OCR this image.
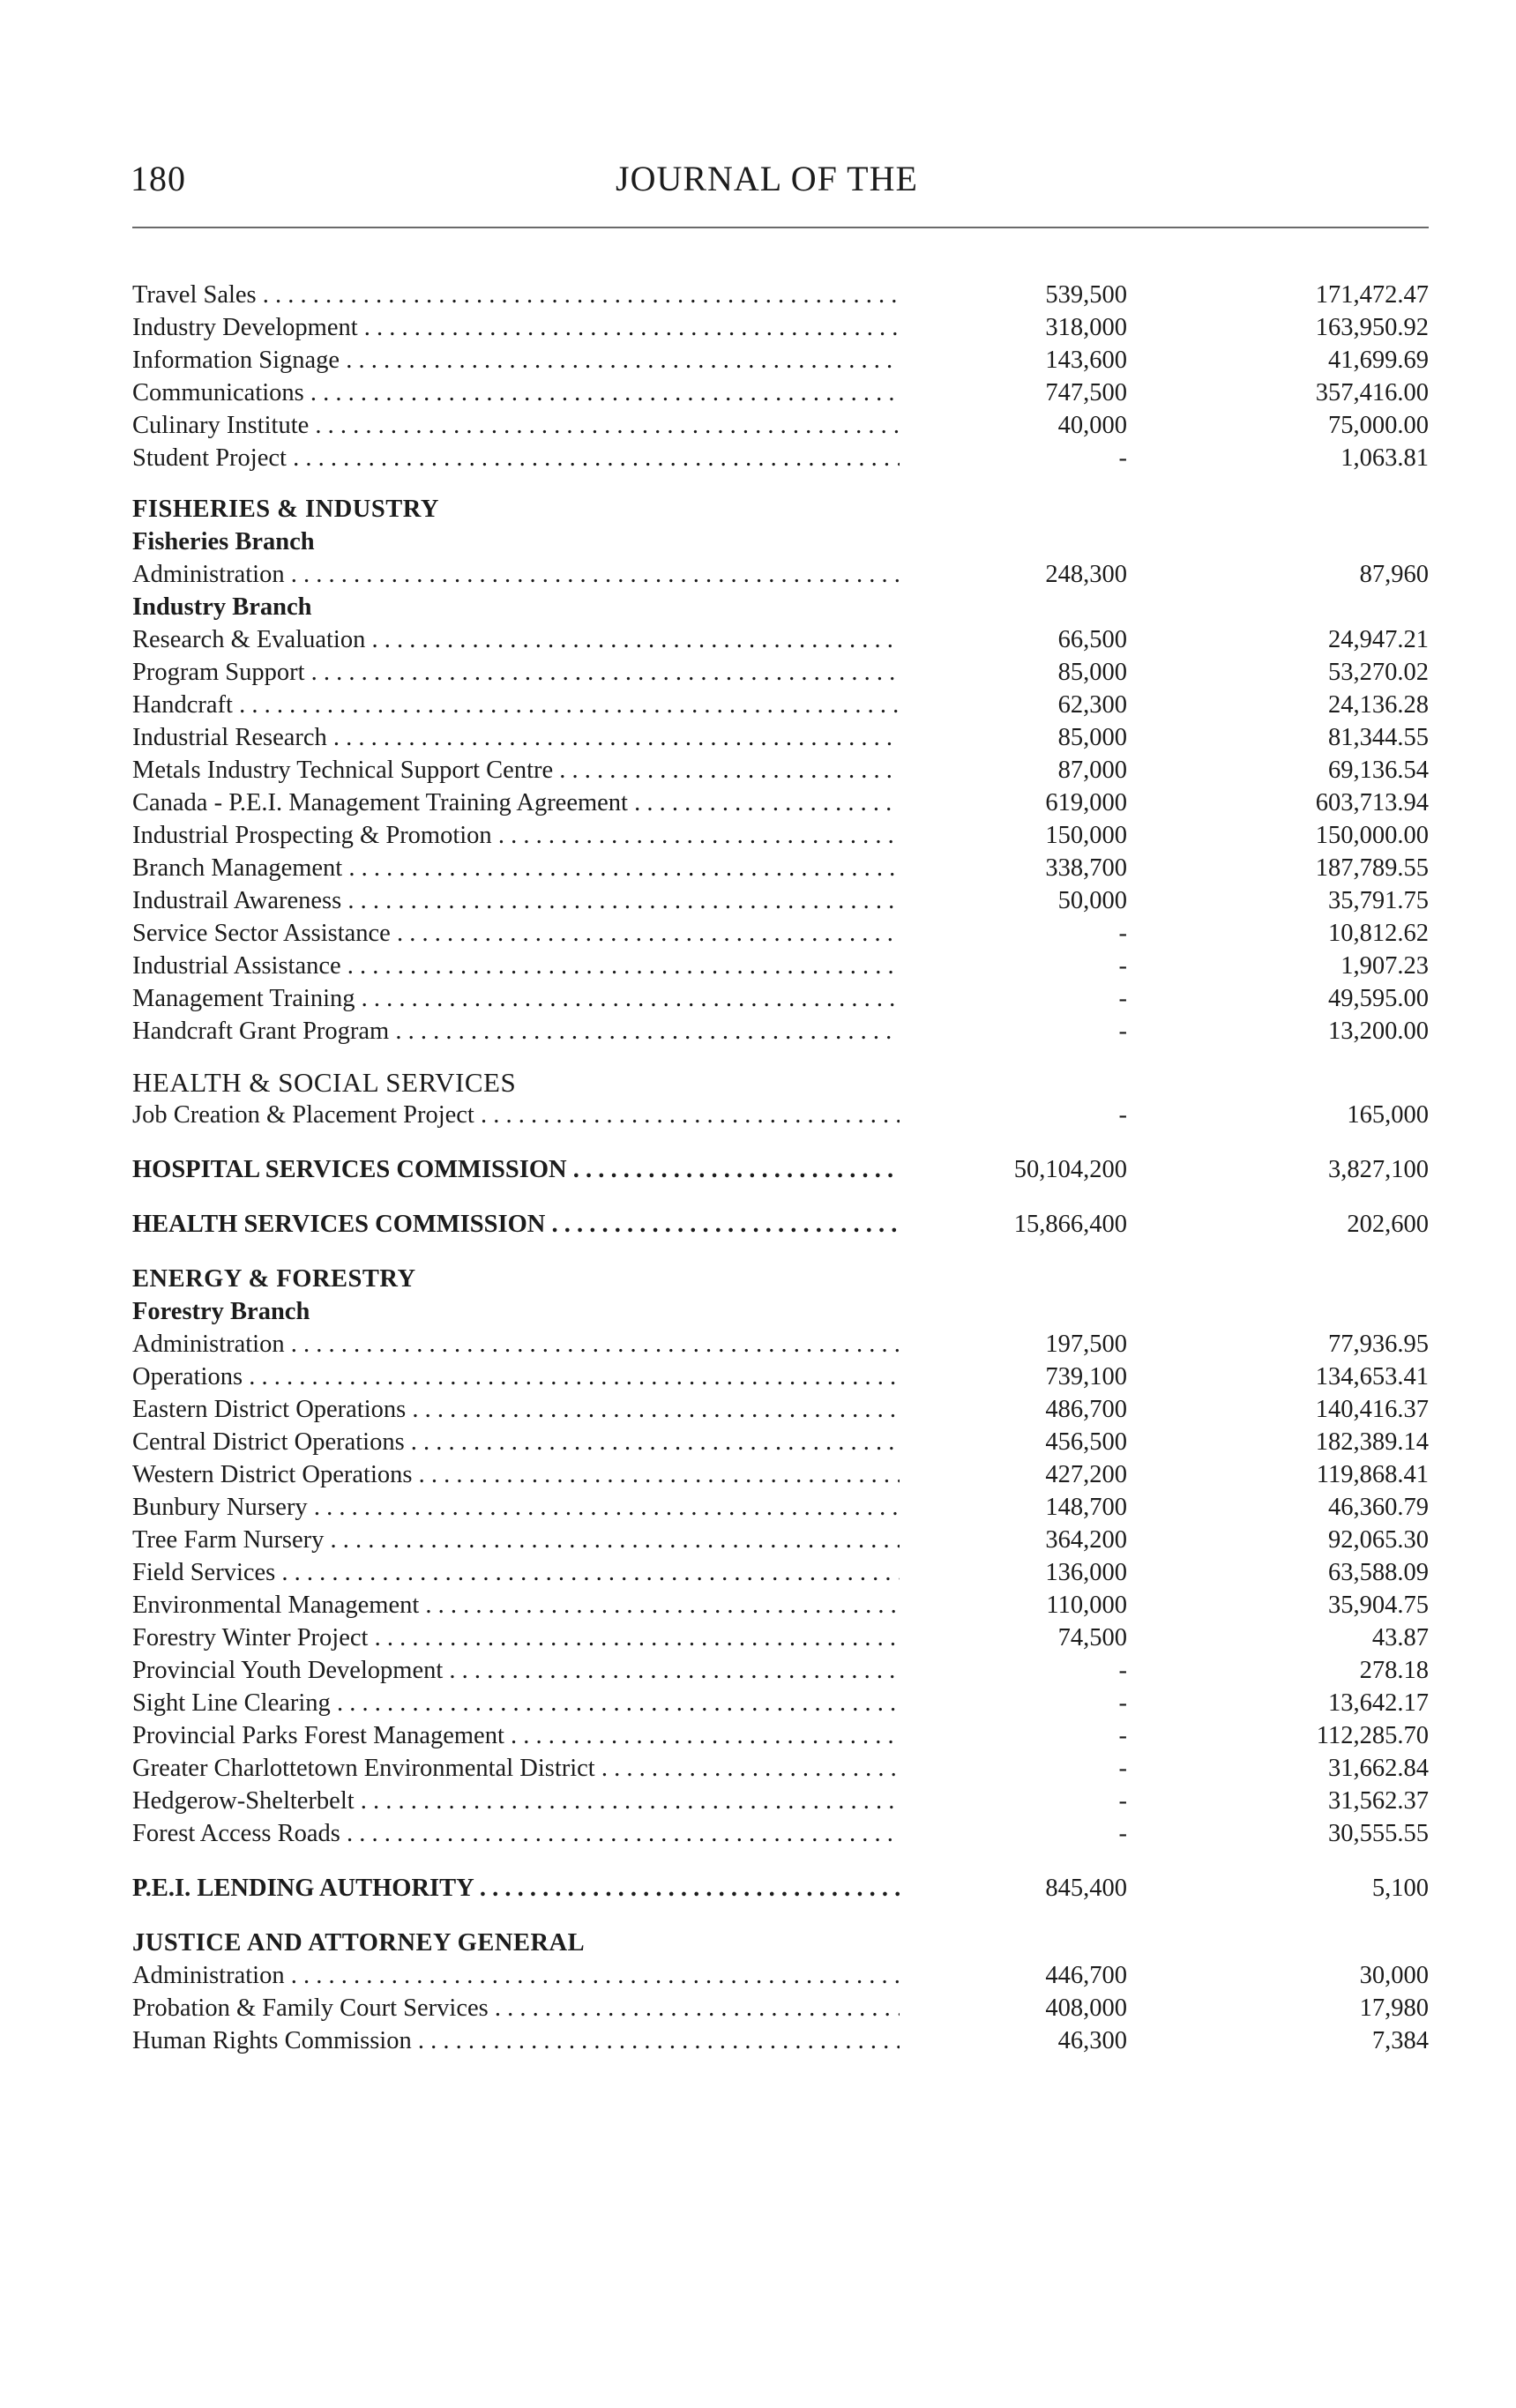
180	JOURNAL OF THE
Travel Sales . . .	539,500	171,472.47
Industry Development . . .	318,000	163,950.92
Information Signage . . .	143,600	41,699.69
Communications . . .	747,500	357,416.00
Culinary Institute . . .	40,000	75,000.00
Student Project . . .	-	1,063.81
FISHERIES & INDUSTRY
Fisheries Branch
Administration . . .	248,300	87,960
Industry Branch
Research & Evaluation . . .	66,500	24,947.21
Program Support . . .	85,000	53,270.02
Handcraft . . .	62,300	24,136.28
Industrial Research . . .	85,000	81,344.55
Metals Industry Technical Support Centre . . .	87,000	69,136.54
Canada - P.E.I. Management Training Agreement . . .	619,000	603,713.94
Industrial Prospecting & Promotion . . .	150,000	150,000.00
Branch Management . . .	338,700	187,789.55
Industrail Awareness . . .	50,000	35,791.75
Service Sector Assistance . . .	-	10,812.62
Industrial Assistance . . .	-	1,907.23
Management Training . . .	-	49,595.00
Handcraft Grant Program . . .	-	13,200.00
HEALTH & SOCIAL SERVICES
Job Creation & Placement Project . . .	-	165,000
HOSPITAL SERVICES COMMISSION . . .	50,104,200	3,827,100
HEALTH SERVICES COMMISSION . . .	15,866,400	202,600
ENERGY & FORESTRY
Forestry Branch
Administration . . .	197,500	77,936.95
Operations . . .	739,100	134,653.41
Eastern District Operations . . .	486,700	140,416.37
Central District Operations . . .	456,500	182,389.14
Western District Operations . . .	427,200	119,868.41
Bunbury Nursery . . .	148,700	46,360.79
Tree Farm Nursery . . .	364,200	92,065.30
Field Services . . .	136,000	63,588.09
Environmental Management . . .	110,000	35,904.75
Forestry Winter Project . . .	74,500	43.87
Provincial Youth Development . . .	-	278.18
Sight Line Clearing . . .	-	13,642.17
Provincial Parks Forest Management . . .	-	112,285.70
Greater Charlottetown Environmental District . . .	-	31,662.84
Hedgerow-Shelterbelt . . .	-	31,562.37
Forest Access Roads . . .	-	30,555.55
P.E.I. LENDING AUTHORITY . . .	845,400	5,100
JUSTICE AND ATTORNEY GENERAL
Administration . . .	446,700	30,000
Probation & Family Court Services . . .	408,000	17,980
Human Rights Commission . . .	46,300	7,384
